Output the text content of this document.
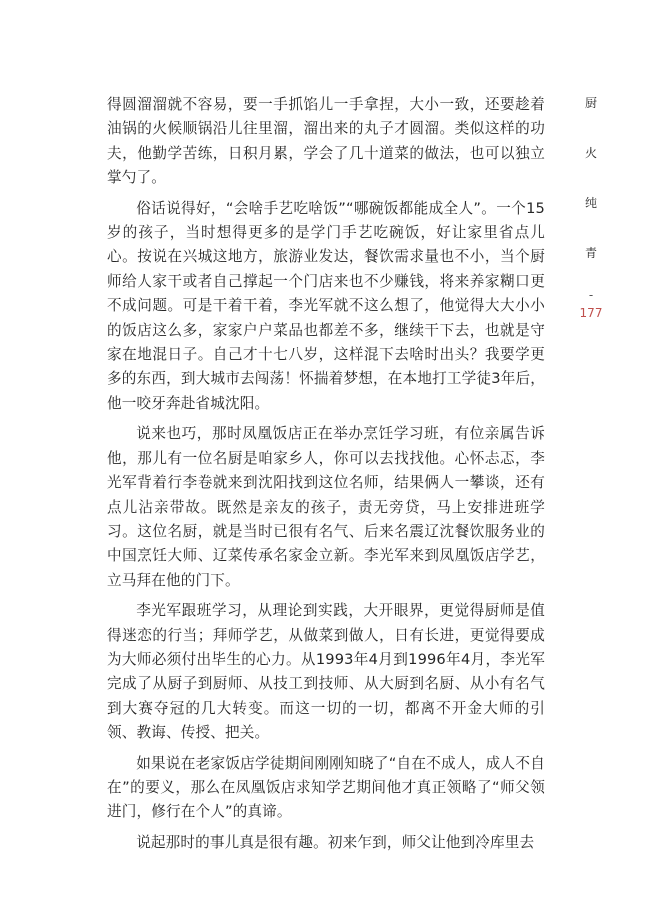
得圆溜溜就不容易，要一手抓馅儿一手拿捏，大小一致，还要趁着油锅的火候顺锅沿儿往里溜，溜出来的丸子才圆溜。类似这样的功夫，他勤学苦练，日积月累，学会了几十道菜的做法，也可以独立掌勺了。

俗话说得好，“会啥手艺吃啥饭”“哪碗饭都能成全人”。一个15岁的孩子，当时想得更多的是学门手艺吃碗饭，好让家里省点儿心。按说在兴城这地方，旅游业发达，餐饮需求量也不小，当个厨师给人家干或者自己撑起一个门店来也不少赚钱，将来养家糊口更不成问题。可是干着干着，李光军就不这么想了，他觉得大大小小的饭店这么多，家家户户菜品也都差不多，继续干下去，也就是守家在地混日子。自己才十七八岁，这样混下去啥时出头？我要学更多的东西，到大城市去闯荡！怀揣着梦想，在本地打工学徒3年后，他一咬牙奔赴省城沈阳。

说来也巧，那时凤凰饭店正在举办烹饪学习班，有位亲属告诉他，那儿有一位名厨是咱家乡人，你可以去找找他。心怀忐忑，李光军背着行李卷就来到沈阳找到这位名师，结果俩人一攀谈，还有点儿沾亲带故。既然是亲友的孩子，责无旁贷，马上安排进班学习。这位名厨，就是当时已很有名气、后来名震辽沈餐饮服务业的中国烹饪大师、辽菜传承名家金立新。李光军来到凤凰饭店学艺，立马拜在他的门下。

李光军跟班学习，从理论到实践，大开眼界，更觉得厨师是值得迷恋的行当；拜师学艺，从做菜到做人，日有长进，更觉得要成为大师必须付出毕生的心力。从1993年4月到1996年4月，李光军完成了从厨子到厨师、从技工到技师、从大厨到名厨、从小有名气到大赛夺冠的几大转变。而这一切的一切，都离不开金大师的引领、教诲、传授、把关。

如果说在老家饭店学徒期间刚刚知晓了“自在不成人，成人不自在”的要义，那么在凤凰饭店求知学艺期间他才真正领略了“师父领进门，修行在个人”的真谛。

说起那时的事儿真是很有趣。初来乍到，师父让他到冷库里去

厨
火
纯
青
-
177
